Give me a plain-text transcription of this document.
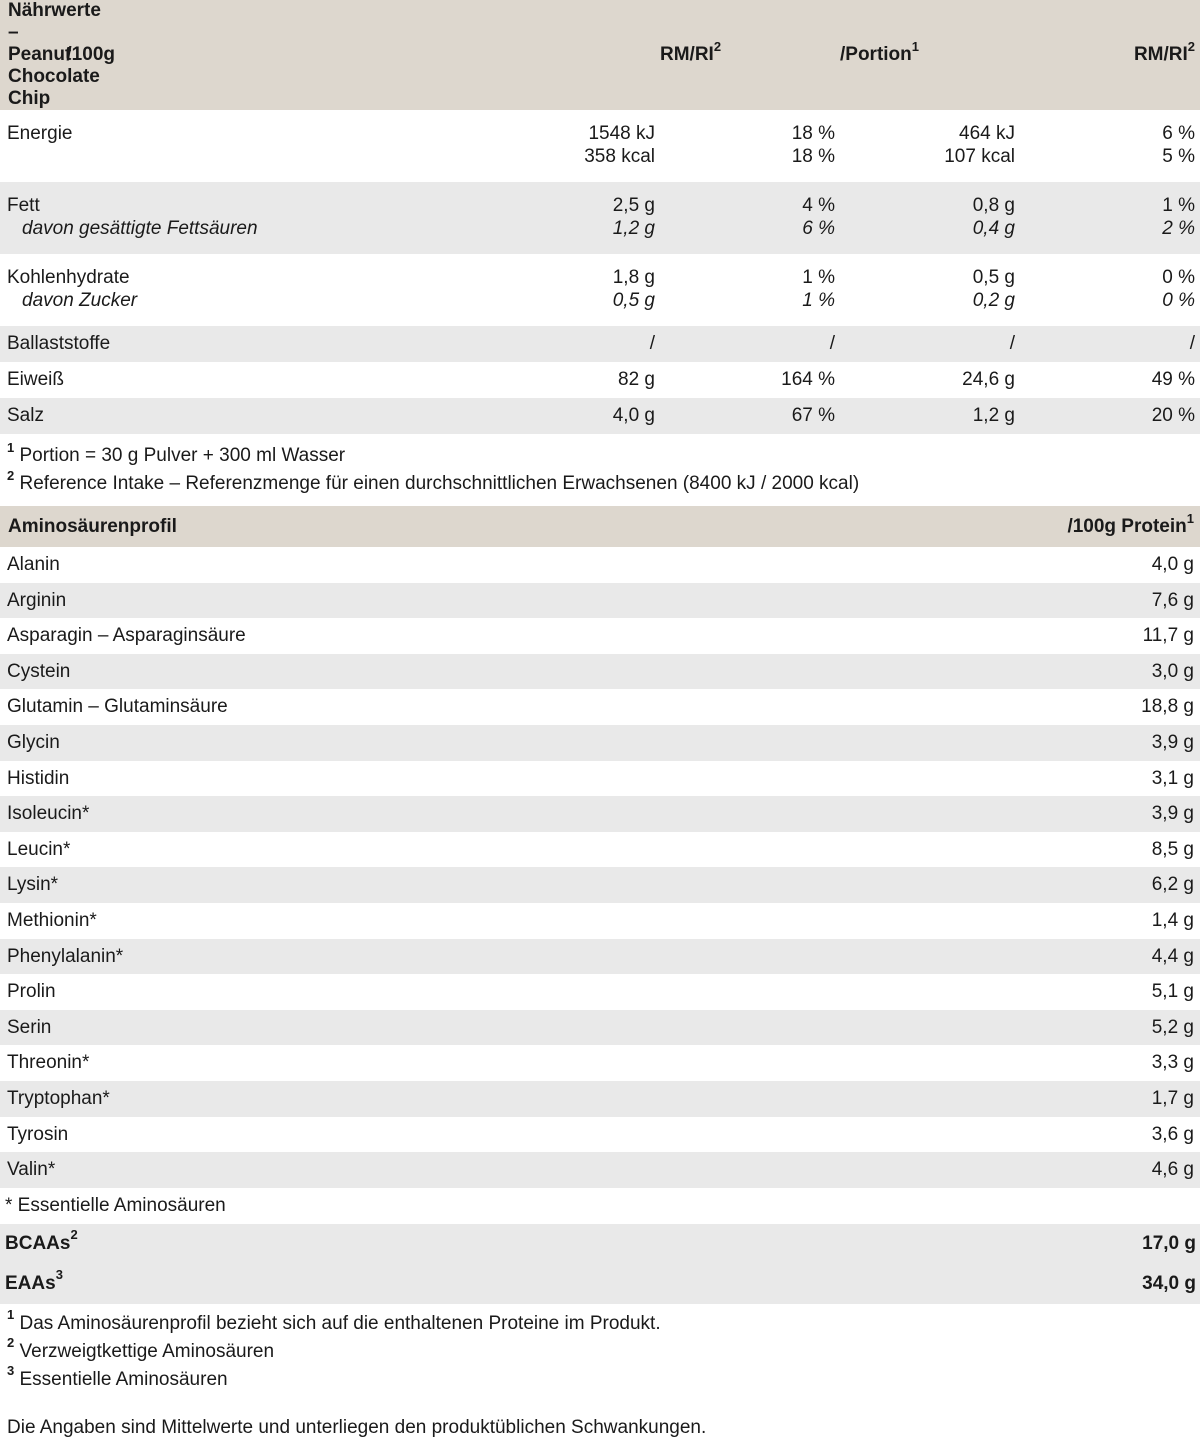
Nährwerte – Peanut Chocolate Chip	/100g	$RM/RI^2$	/Portion$^1$	$RM/RI^2$
Energie	1548 kJ	18 %	464 kJ	6 %
358 kcal	18 %	107 kcal	5 %
Fett	2,5 g	4 %	0,8 g	1 %
davon gesättigte Fettsäuren	1,2 g	6 %	0,4 g	2 %
Kohlenhydrate	1,8 g	1 %	0,5 g	0 %
davon Zucker	0,5 g	1 %	0,2 g	0 %
Ballaststoffe	/	/	/	/
Eiweiß	82 g	164 %	24,6 g	49 %
Salz	4,0 g	67 %	1,2 g	20 %
$^1$ Portion = 30 g Pulver + 300 ml Wasser
$^2$ Reference Intake – Referenzmenge für einen durchschnittlichen Erwachsenen (8400 kJ / 2000 kcal)
Aminosäurenprofil	/100g Protein$^1$
Alanin	4,0 g
Arginin	7,6 g
Asparagin – Asparaginsäure	11,7 g
Cystein	3,0 g
Glutamin – Glutaminsäure	18,8 g
Glycin	3,9 g
Histidin	3,1 g
Isoleucin*	3,9 g
Leucin*	8,5 g
Lysin*	6,2 g
Methionin*	1,4 g
Phenylalanin*	4,4 g
Prolin	5,1 g
Serin	5,2 g
Threonin*	3,3 g
Tryptophan*	1,7 g
Tyrosin	3,6 g
Valin*	4,6 g
* Essentielle Aminosäuren
BCAAs$^2$	17,0 g
EAAs$^3$	34,0 g
$^1$ Das Aminosäurenprofil bezieht sich auf die enthaltenen Proteine im Produkt.
$^2$ Verzweigtkettige Aminosäuren
$^3$ Essentielle Aminosäuren
Die Angaben sind Mittelwerte und unterliegen den produktüblichen Schwankungen.
